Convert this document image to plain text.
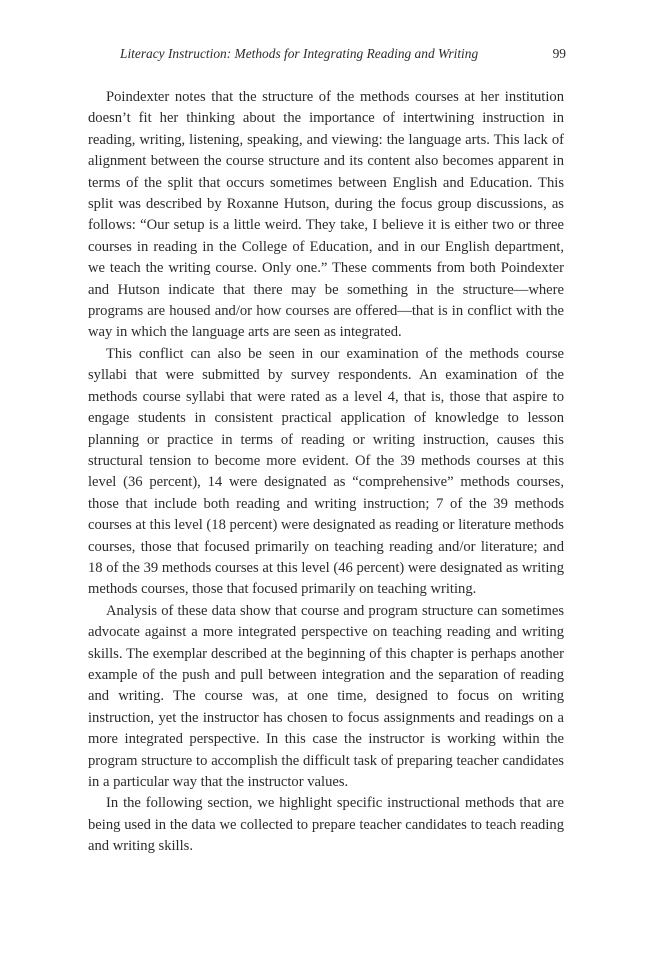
Literacy Instruction: Methods for Integrating Reading and Writing	99

Poindexter notes that the structure of the methods courses at her institution doesn’t fit her thinking about the importance of intertwining instruction in reading, writing, listening, speaking, and viewing: the language arts. This lack of alignment between the course structure and its content also becomes apparent in terms of the split that occurs sometimes between English and Education. This split was described by Roxanne Hutson, during the focus group discussions, as follows: “Our setup is a little weird. They take, I believe it is either two or three courses in reading in the College of Education, and in our English department, we teach the writing course. Only one.” These comments from both Poindexter and Hutson indicate that there may be something in the structure—where programs are housed and/or how courses are offered—that is in conflict with the way in which the language arts are seen as integrated.

This conflict can also be seen in our examination of the methods course syllabi that were submitted by survey respondents. An examination of the methods course syllabi that were rated as a level 4, that is, those that aspire to engage students in consistent practical application of knowledge to lesson planning or practice in terms of reading or writing instruction, causes this structural tension to become more evident. Of the 39 methods courses at this level (36 percent), 14 were designated as “comprehensive” methods courses, those that include both reading and writing instruction; 7 of the 39 methods courses at this level (18 percent) were designated as reading or literature methods courses, those that focused primarily on teaching reading and/or literature; and 18 of the 39 methods courses at this level (46 percent) were designated as writing methods courses, those that focused primarily on teaching writing.

Analysis of these data show that course and program structure can sometimes advocate against a more integrated perspective on teaching reading and writing skills. The exemplar described at the beginning of this chapter is perhaps another example of the push and pull between integration and the separation of reading and writing. The course was, at one time, designed to focus on writing instruction, yet the instructor has chosen to focus assignments and readings on a more integrated perspective. In this case the instructor is working within the program structure to accomplish the difficult task of preparing teacher candidates in a particular way that the instructor values.

In the following section, we highlight specific instructional methods that are being used in the data we collected to prepare teacher candidates to teach reading and writing skills.
